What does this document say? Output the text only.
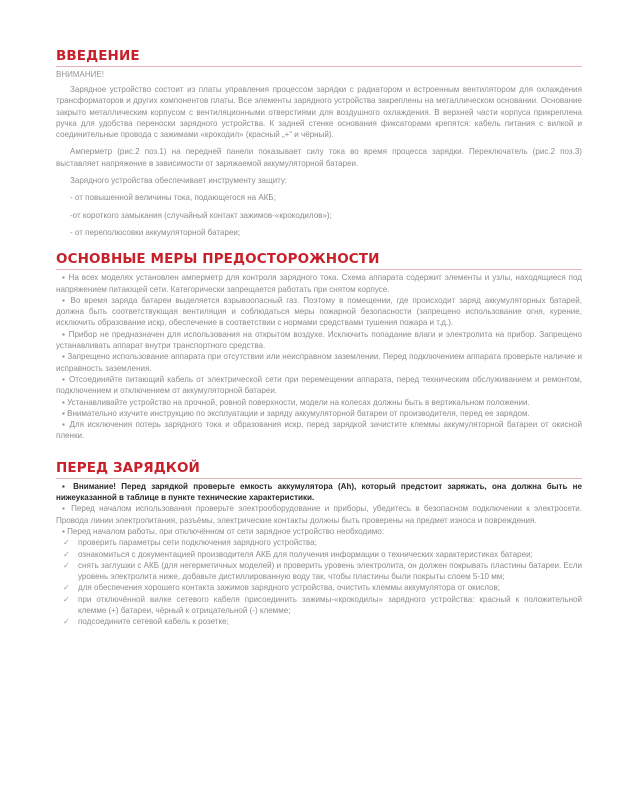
ВВЕДЕНИЕ

ВНИМАНИЕ!

Зарядное устройство состоит из платы управления процессом зарядки с радиатором и встроенным вентилятором для охлаждения трансформаторов и других компонентов платы. Все элементы зарядного устройства закреплены на металлическом основании. Основание закрыто металлическим корпусом с вентиляционными отверстиями для воздушного охлаждения. В верхней части корпуса прикреплена ручка для удобства переноски зарядного устройства. К задней стенке основания фиксаторами крепятся: кабель питания с вилкой и соединительные провода с зажимами «крокодил» (красный „+“ и чёрный).

Амперметр (рис.2 поз.1) на передней панели показывает силу тока во время процесса зарядки. Переключатель (рис.2 поз.3) выставляет напряжение в зависимости от заряжаемой аккумуляторной батареи.

Зарядного устройства обеспечивает инструменту защиту:

- от повышенной величины тока, подающегося на АКБ;

-от короткого замыкания (случайный контакт зажимов-«крокодилов»);

- от переполюсовки аккумуляторной батареи;

ОСНОВНЫЕ МЕРЫ ПРЕДОСТОРОЖНОСТИ

▪ На всех моделях установлен амперметр для контроля зарядного тока. Схема аппарата содержит элементы и узлы, находящиеся под напряжением питающей сети. Категорически запрещается работать при снятом корпусе.

▪ Во время заряда батареи выделяется взрывоопасный газ. Поэтому в помещении, где происходит заряд аккумуляторных батарей, должна быть соответствующая вентиляция и соблюдаться меры пожарной безопасности (запрещено использование огня, курение, исключить образование искр, обеспечение в соответствии с нормами средствами тушения пожара и т.д.).

▪ Прибор не предназначен для использования на открытом воздухе. Исключить попадание влаги и электролита на прибор. Запрещено устанавливать аппарат внутри транспортного средства.

▪ Запрещено использование аппарата при отсутствии или неисправном заземлении. Перед подключением аппарата проверьте наличие и исправность заземления.

▪ Отсоединяйте питающий кабель от электрической сети при перемещении аппарата, перед техническим обслуживанием и ремонтом, подключением и отключением от аккумуляторной батареи.

▪ Устанавливайте устройство на прочной, ровной поверхности, модели на колесах должны быть в вертикальном положении.

▪ Внимательно изучите инструкцию по эксплуатации и заряду аккумуляторной батареи от производителя, перед ее зарядом.

▪ Для исключения потерь зарядного тока и образования искр, перед зарядкой зачистите клеммы аккумуляторной батареи от окисной пленки.

ПЕРЕД ЗАРЯДКОЙ

▪ Внимание! Перед зарядкой проверьте емкость аккумулятора (Ah), который предстоит заряжать, она должна быть не нижеуказанной в таблице в пункте технические характеристики.

▪ Перед началом использования проверьте электрооборудование и приборы, убедитесь в безопасном подключении к электросети. Провода линии электропитания, разъёмы, электрические контакты должны быть проверены на предмет износа и повреждения.

▪ Перед началом работы, при отключённом от сети зарядное устройство необходимо:

✓	проверить параметры сети подключения зарядного устройства;
✓	ознакомиться с документацией производителя АКБ для получения информации о технических характеристиках батареи;
✓	снять заглушки с АКБ (для негерметичных моделей) и проверить уровень электролита, он должен покрывать пластины батареи. Если уровень электролита ниже, добавьте дистиллированную воду так, чтобы пластины были покрыты слоем 5-10 мм;
✓	для обеспечения хорошего контакта зажимов зарядного устройства, очистить клеммы аккумулятора от окислов;
✓	при отключённой вилке сетевого кабеля присоединить зажимы-«крокодилы» зарядного устройства: красный к положительной клемме (+) батареи, чёрный к отрицательной (-) клемме;
✓	подсоедините сетевой кабель к розетке;
